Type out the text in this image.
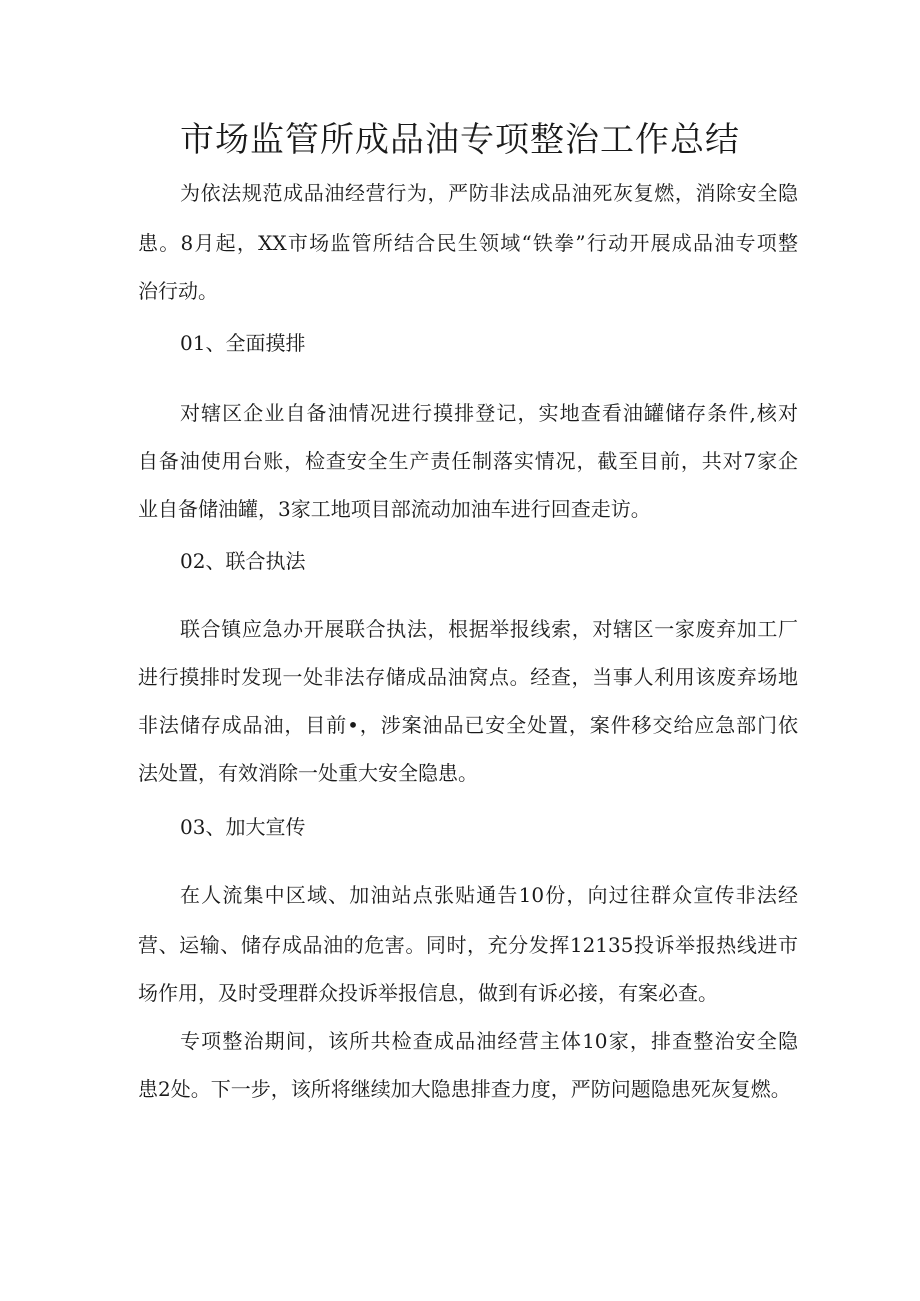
市场监管所成品油专项整治工作总结
为依法规范成品油经营行为，严防非法成品油死灰复燃，消除安全隐
患。8月起，XX市场监管所结合民生领域“铁拳”行动开展成品油专项整
治行动。
01、全面摸排
对辖区企业自备油情况进行摸排登记，实地查看油罐储存条件,核对
自备油使用台账，检查安全生产责任制落实情况，截至目前，共对7家企
业自备储油罐，3家工地项目部流动加油车进行回查走访。
02、联合执法
联合镇应急办开展联合执法，根据举报线索，对辖区一家废弃加工厂
进行摸排时发现一处非法存储成品油窝点。经查，当事人利用该废弃场地
非法储存成品油，目前•，涉案油品已安全处置，案件移交给应急部门依
法处置，有效消除一处重大安全隐患。
03、加大宣传
在人流集中区域、加油站点张贴通告10份，向过往群众宣传非法经
营、运输、储存成品油的危害。同时，充分发挥12135投诉举报热线进市
场作用，及时受理群众投诉举报信息，做到有诉必接，有案必查。
专项整治期间，该所共检查成品油经营主体10家，排查整治安全隐
患2处。下一步，该所将继续加大隐患排查力度，严防问题隐患死灰复燃。
